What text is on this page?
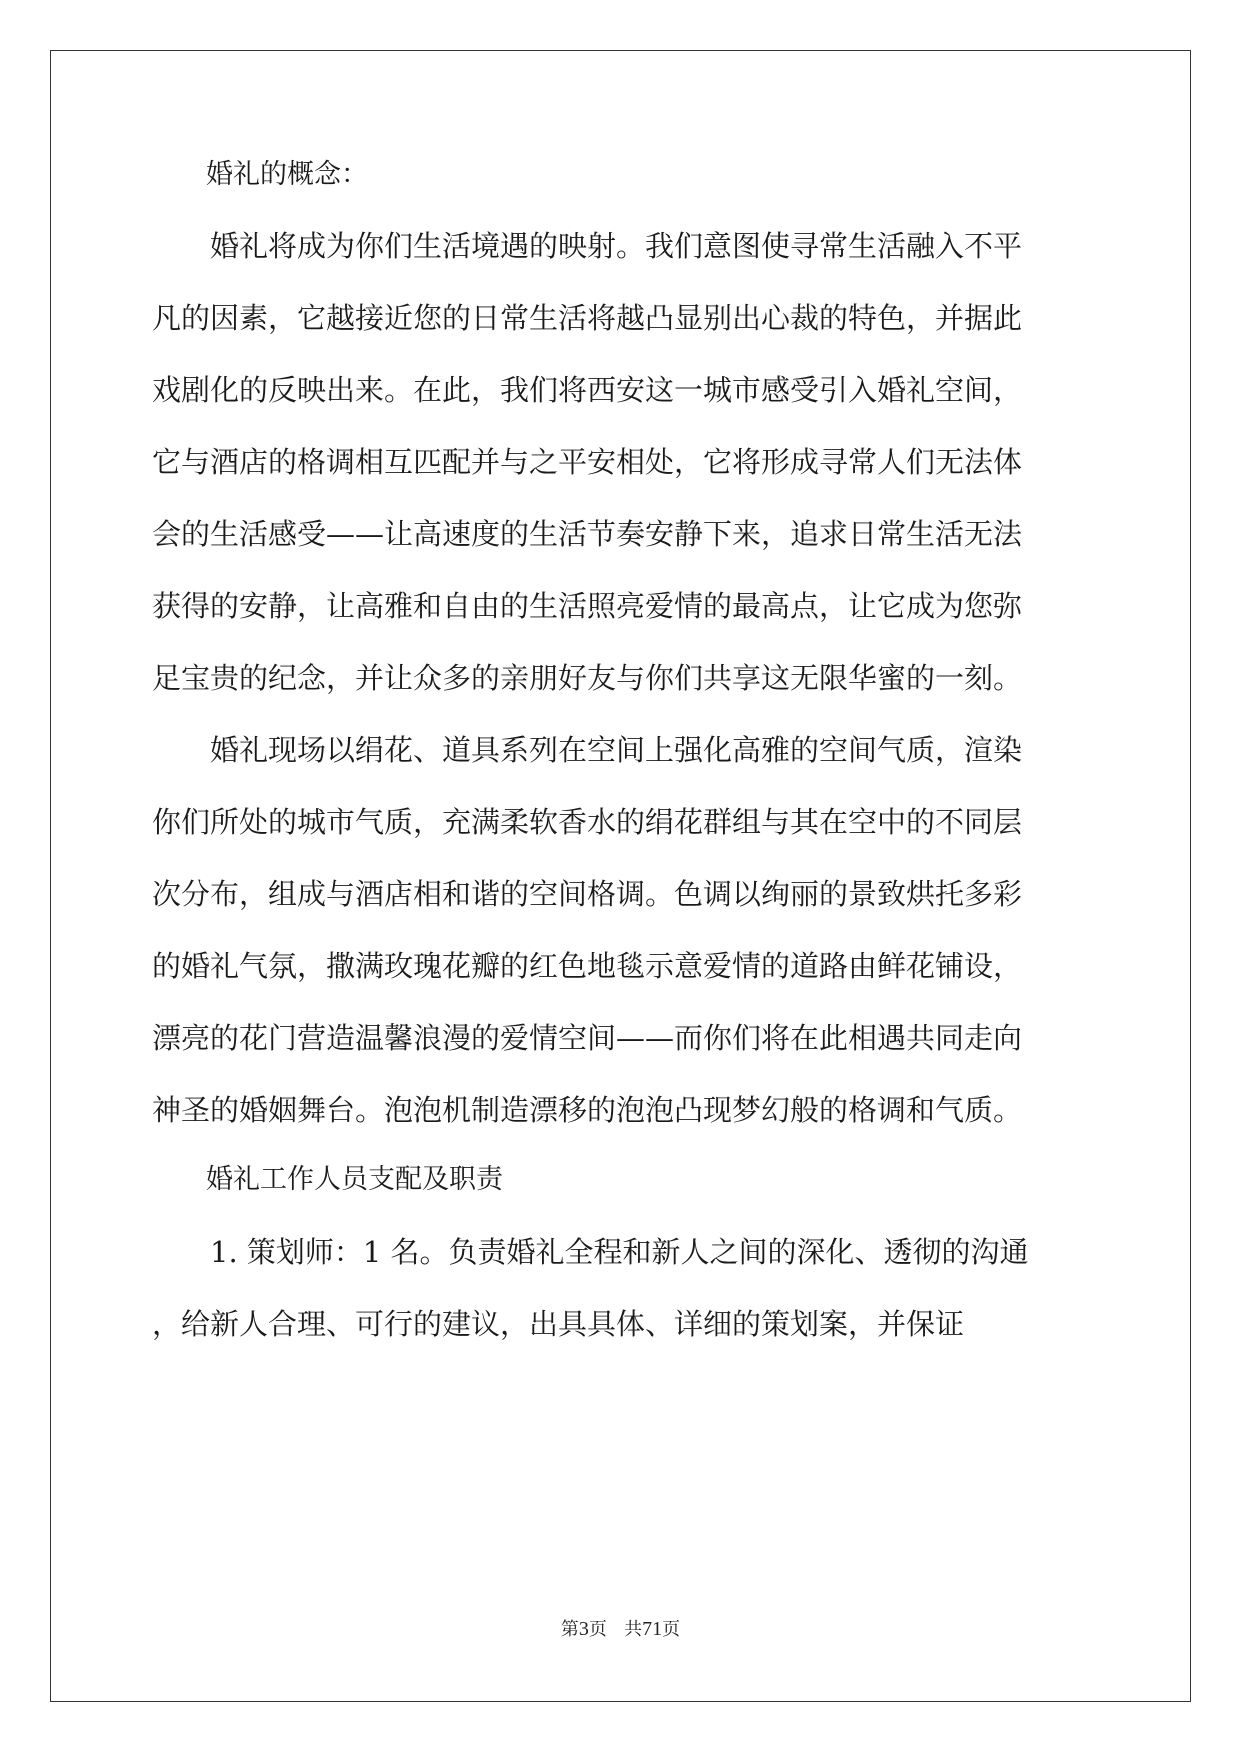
　　婚礼的概念：
　　婚礼将成为你们生活境遇的映射。我们意图使寻常生活融入不平
凡的因素，它越接近您的日常生活将越凸显别出心裁的特色，并据此
戏剧化的反映出来。在此，我们将西安这一城市感受引入婚礼空间，
它与酒店的格调相互匹配并与之平安相处，它将形成寻常人们无法体
会的生活感受——让高速度的生活节奏安静下来，追求日常生活无法
获得的安静，让高雅和自由的生活照亮爱情的最高点，让它成为您弥
足宝贵的纪念，并让众多的亲朋好友与你们共享这无限华蜜的一刻。
　　婚礼现场以绢花、道具系列在空间上强化高雅的空间气质，渲染
你们所处的城市气质，充满柔软香水的绢花群组与其在空中的不同层
次分布，组成与酒店相和谐的空间格调。色调以绚丽的景致烘托多彩
的婚礼气氛，撒满玫瑰花瓣的红色地毯示意爱情的道路由鲜花铺设，
漂亮的花门营造温馨浪漫的爱情空间——而你们将在此相遇共同走向
神圣的婚姻舞台。泡泡机制造漂移的泡泡凸现梦幻般的格调和气质。
　　婚礼工作人员支配及职责
　　1. 策划师：1 名。负责婚礼全程和新人之间的深化、透彻的沟通
，给新人合理、可行的建议，出具具体、详细的策划案，并保证
第3页 共71页
